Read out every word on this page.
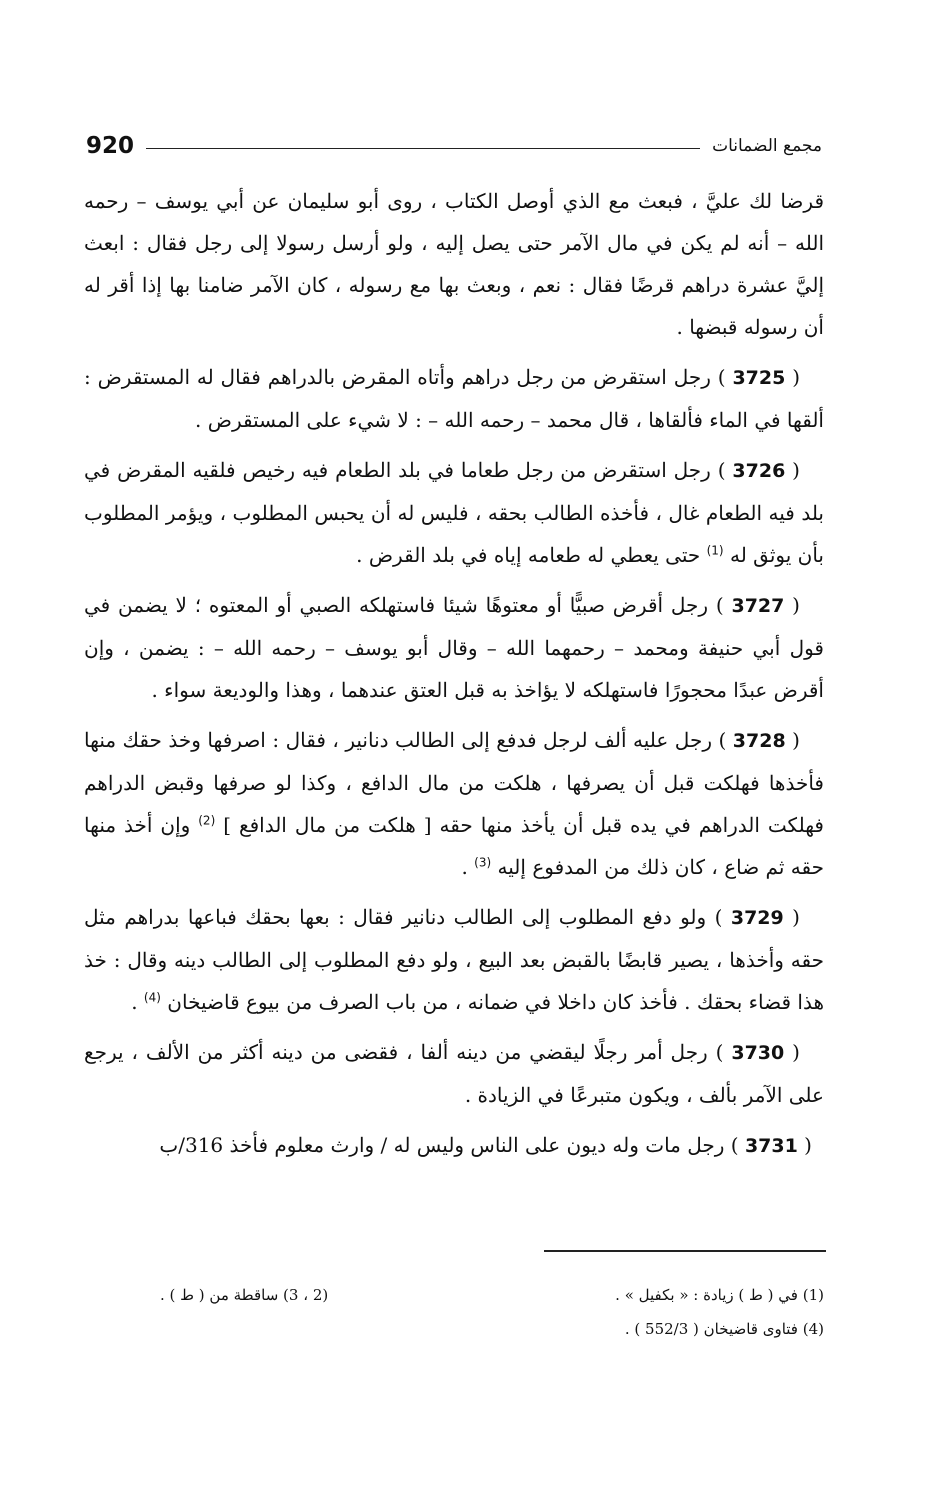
920	مجمع الضمانات

قرضا لك عليَّ ، فبعث مع الذي أوصل الكتاب ، روى أبو سليمان عن أبي يوسف – رحمه الله – أنه لم يكن في مال الآمر حتى يصل إليه ، ولو أرسل رسولا إلى رجل فقال : ابعث إليَّ عشرة دراهم قرضًا فقال : نعم ، وبعث بها مع رسوله ، كان الآمر ضامنا بها إذا أقر له أن رسوله قبضها .

( 3725 ) رجل استقرض من رجل دراهم وأتاه المقرض بالدراهم فقال له المستقرض : ألقها في الماء فألقاها ، قال محمد – رحمه الله – : لا شيء على المستقرض .

( 3726 ) رجل استقرض من رجل طعاما في بلد الطعام فيه رخيص فلقيه المقرض في بلد فيه الطعام غال ، فأخذه الطالب بحقه ، فليس له أن يحبس المطلوب ، ويؤمر المطلوب بأن يوثق له $^{(1)}$ حتى يعطي له طعامه إياه في بلد القرض .

( 3727 ) رجل أقرض صبيًّا أو معتوهًا شيئا فاستهلكه الصبي أو المعتوه ؛ لا يضمن في قول أبي حنيفة ومحمد – رحمهما الله – وقال أبو يوسف – رحمه الله – : يضمن ، وإن أقرض عبدًا محجورًا فاستهلكه لا يؤاخذ به قبل العتق عندهما ، وهذا والوديعة سواء .

( 3728 ) رجل عليه ألف لرجل فدفع إلى الطالب دنانير ، فقال : اصرفها وخذ حقك منها فأخذها فهلكت قبل أن يصرفها ، هلكت من مال الدافع ، وكذا لو صرفها وقبض الدراهم فهلكت الدراهم في يده قبل أن يأخذ منها حقه [ هلكت من مال الدافع ] $^{(2)}$ وإن أخذ منها حقه ثم ضاع ، كان ذلك من المدفوع إليه $^{(3)}$ .

( 3729 ) ولو دفع المطلوب إلى الطالب دنانير فقال : بعها بحقك فباعها بدراهم مثل حقه وأخذها ، يصير قابضًا بالقبض بعد البيع ، ولو دفع المطلوب إلى الطالب دينه وقال : خذ هذا قضاء بحقك . فأخذ كان داخلا في ضمانه ، من باب الصرف من بيوع قاضيخان $^{(4)}$ .

( 3730 ) رجل أمر رجلًا ليقضي من دينه ألفا ، فقضى من دينه أكثر من الألف ، يرجع على الآمر بألف ، ويكون متبرعًا في الزيادة .

( 3731 ) رجل مات وله ديون على الناس وليس له / وارث معلوم فأخذ 316/ب

(1) في ( ط ) زيادة : « بكفيل » .
(2 ، 3) ساقطة من ( ط ) .
(4) فتاوى قاضيخان ( 552/3 ) .
